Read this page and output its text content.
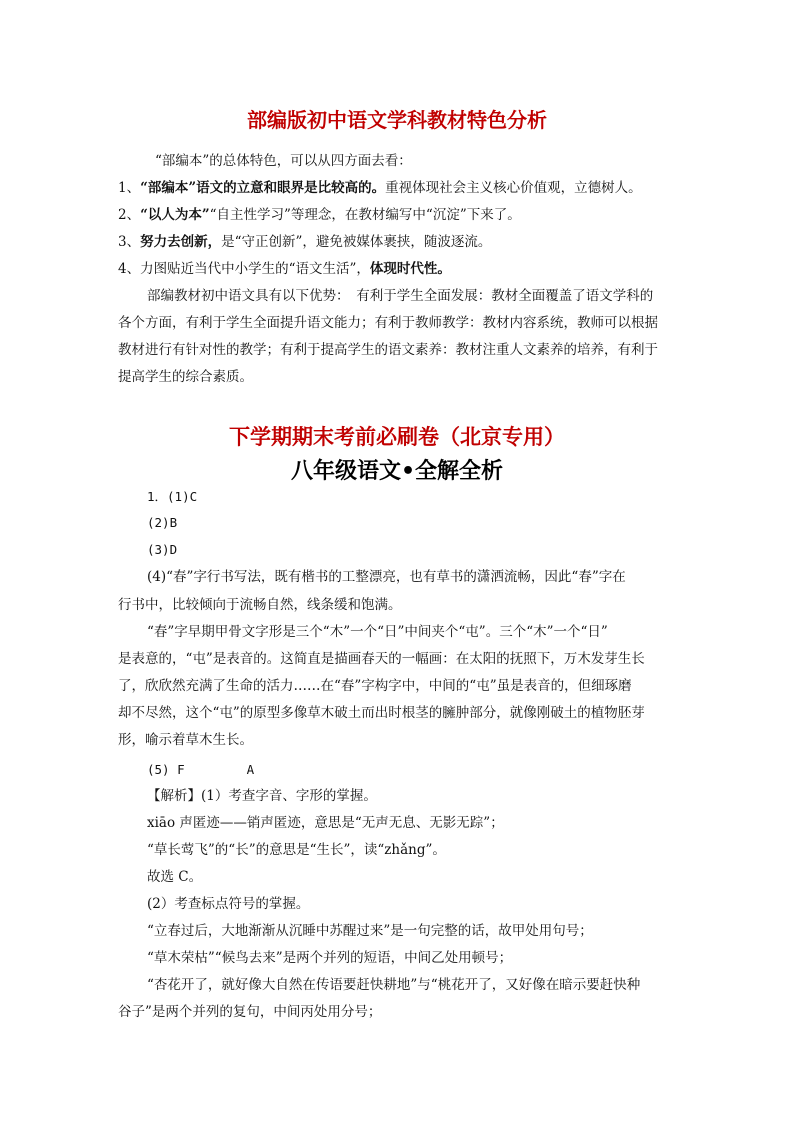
部编版初中语文学科教材特色分析
“部编本”的总体特色，可以从四方面去看：
1、“部编本”语文的立意和眼界是比较高的。重视体现社会主义核心价值观，立德树人。
2、“以人为本”“自主性学习”等理念，在教材编写中“沉淀”下来了。
3、努力去创新，是“守正创新”，避免被媒体裹挟，随波逐流。
4、力图贴近当代中小学生的“语文生活”，体现时代性。
部编教材初中语文具有以下优势：　有利于学生全面发展：教材全面覆盖了语文学科的
各个方面，有利于学生全面提升语文能力；有利于教师教学：教材内容系统，教师可以根据
教材进行有针对性的教学；有利于提高学生的语文素养：教材注重人文素养的培养，有利于
提高学生的综合素质。
下学期期末考前必刷卷（北京专用）
八年级语文•全解全析
1．(1)C
(2)B
(3)D
(4)“春”字行书写法，既有楷书的工整漂亮，也有草书的潇洒流畅，因此“春”字在
行书中，比较倾向于流畅自然，线条缓和饱满。
“春”字早期甲骨文字形是三个“木”一个“日”中间夹个“屯”。三个“木”一个“日”
是表意的，“屯”是表音的。这简直是描画春天的一幅画：在太阳的抚照下，万木发芽生长
了，欣欣然充满了生命的活力……在“春”字构字中，中间的“屯”虽是表音的，但细琢磨
却不尽然，这个“屯”的原型多像草木破土而出时根茎的臃肿部分，就像刚破土的植物胚芽
形，喻示着草木生长。
(5) F	A
【解析】(1）考查字音、字形的掌握。
xiāo 声匿迹——销声匿迹，意思是“无声无息、无影无踪”；
“草长莺飞”的“长”的意思是“生长”，读“zhǎng”。
故选 C。
(2）考查标点符号的掌握。
“立春过后，大地渐渐从沉睡中苏醒过来”是一句完整的话，故甲处用句号；
“草木荣枯”“候鸟去来”是两个并列的短语，中间乙处用顿号；
“杏花开了，就好像大自然在传语要赶快耕地”与“桃花开了，又好像在暗示要赶快种
谷子”是两个并列的复句，中间丙处用分号；
